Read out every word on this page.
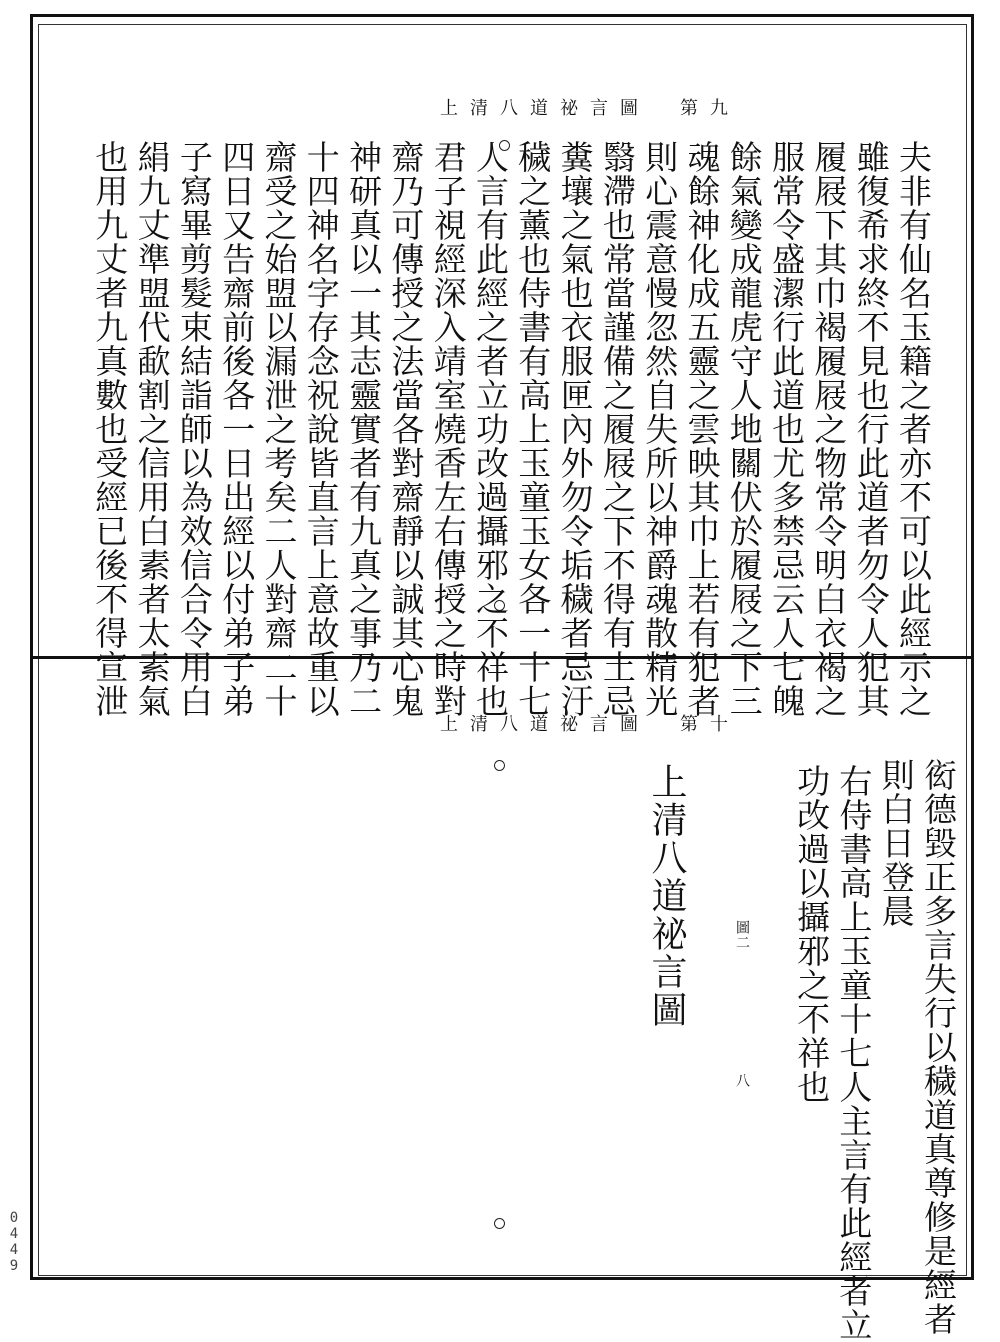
0449
上清八道祕言圖　第九
夫非有仙名玉籍之者亦不可以此經示之
雖復希求終不見也行此道者勿令人犯其
履屐下其巾褐履屐之物常令明白衣褐之
服常令盛潔行此道也尤多禁忌云人七魄
餘氣變成龍虎守人地關伏於履屐之下三
魂餘神化成五靈之雲映其巾上若有犯者
則心震意慢忽然自失所以神爵魂散精光
翳滯也常當謹備之履屐之下不得有土忌
糞壤之氣也衣服匣內外勿令垢穢者忌汙
穢之薰也侍書有高上玉童玉女各一十七
人言有此經之者立功改過攝邪之不祥也
君子視經深入靖室燒香左右傳授之時對
齋乃可傳授之法當各對齋靜以誠其心鬼
神研真以一其志靈實者有九真之事乃二
十四神名字存念祝說皆直言上意故重以
齋受之始盟以漏泄之考矣二人對齋二十
四日又告齋前後各一日出經以付弟子弟
子寫畢剪髮束結詣師以為效信合令用白
絹九丈準盟代歃割之信用白素者太素氣
也用九丈者九真數也受經已後不得宣泄
上清八道祕言圖　第十
衒德毀正多言失行以穢道真尊修是經者
則白日登晨
右侍書高上玉童十七人主言有此經者立
功改過以攝邪之不祥也
圖二
八
上清八道祕言圖
